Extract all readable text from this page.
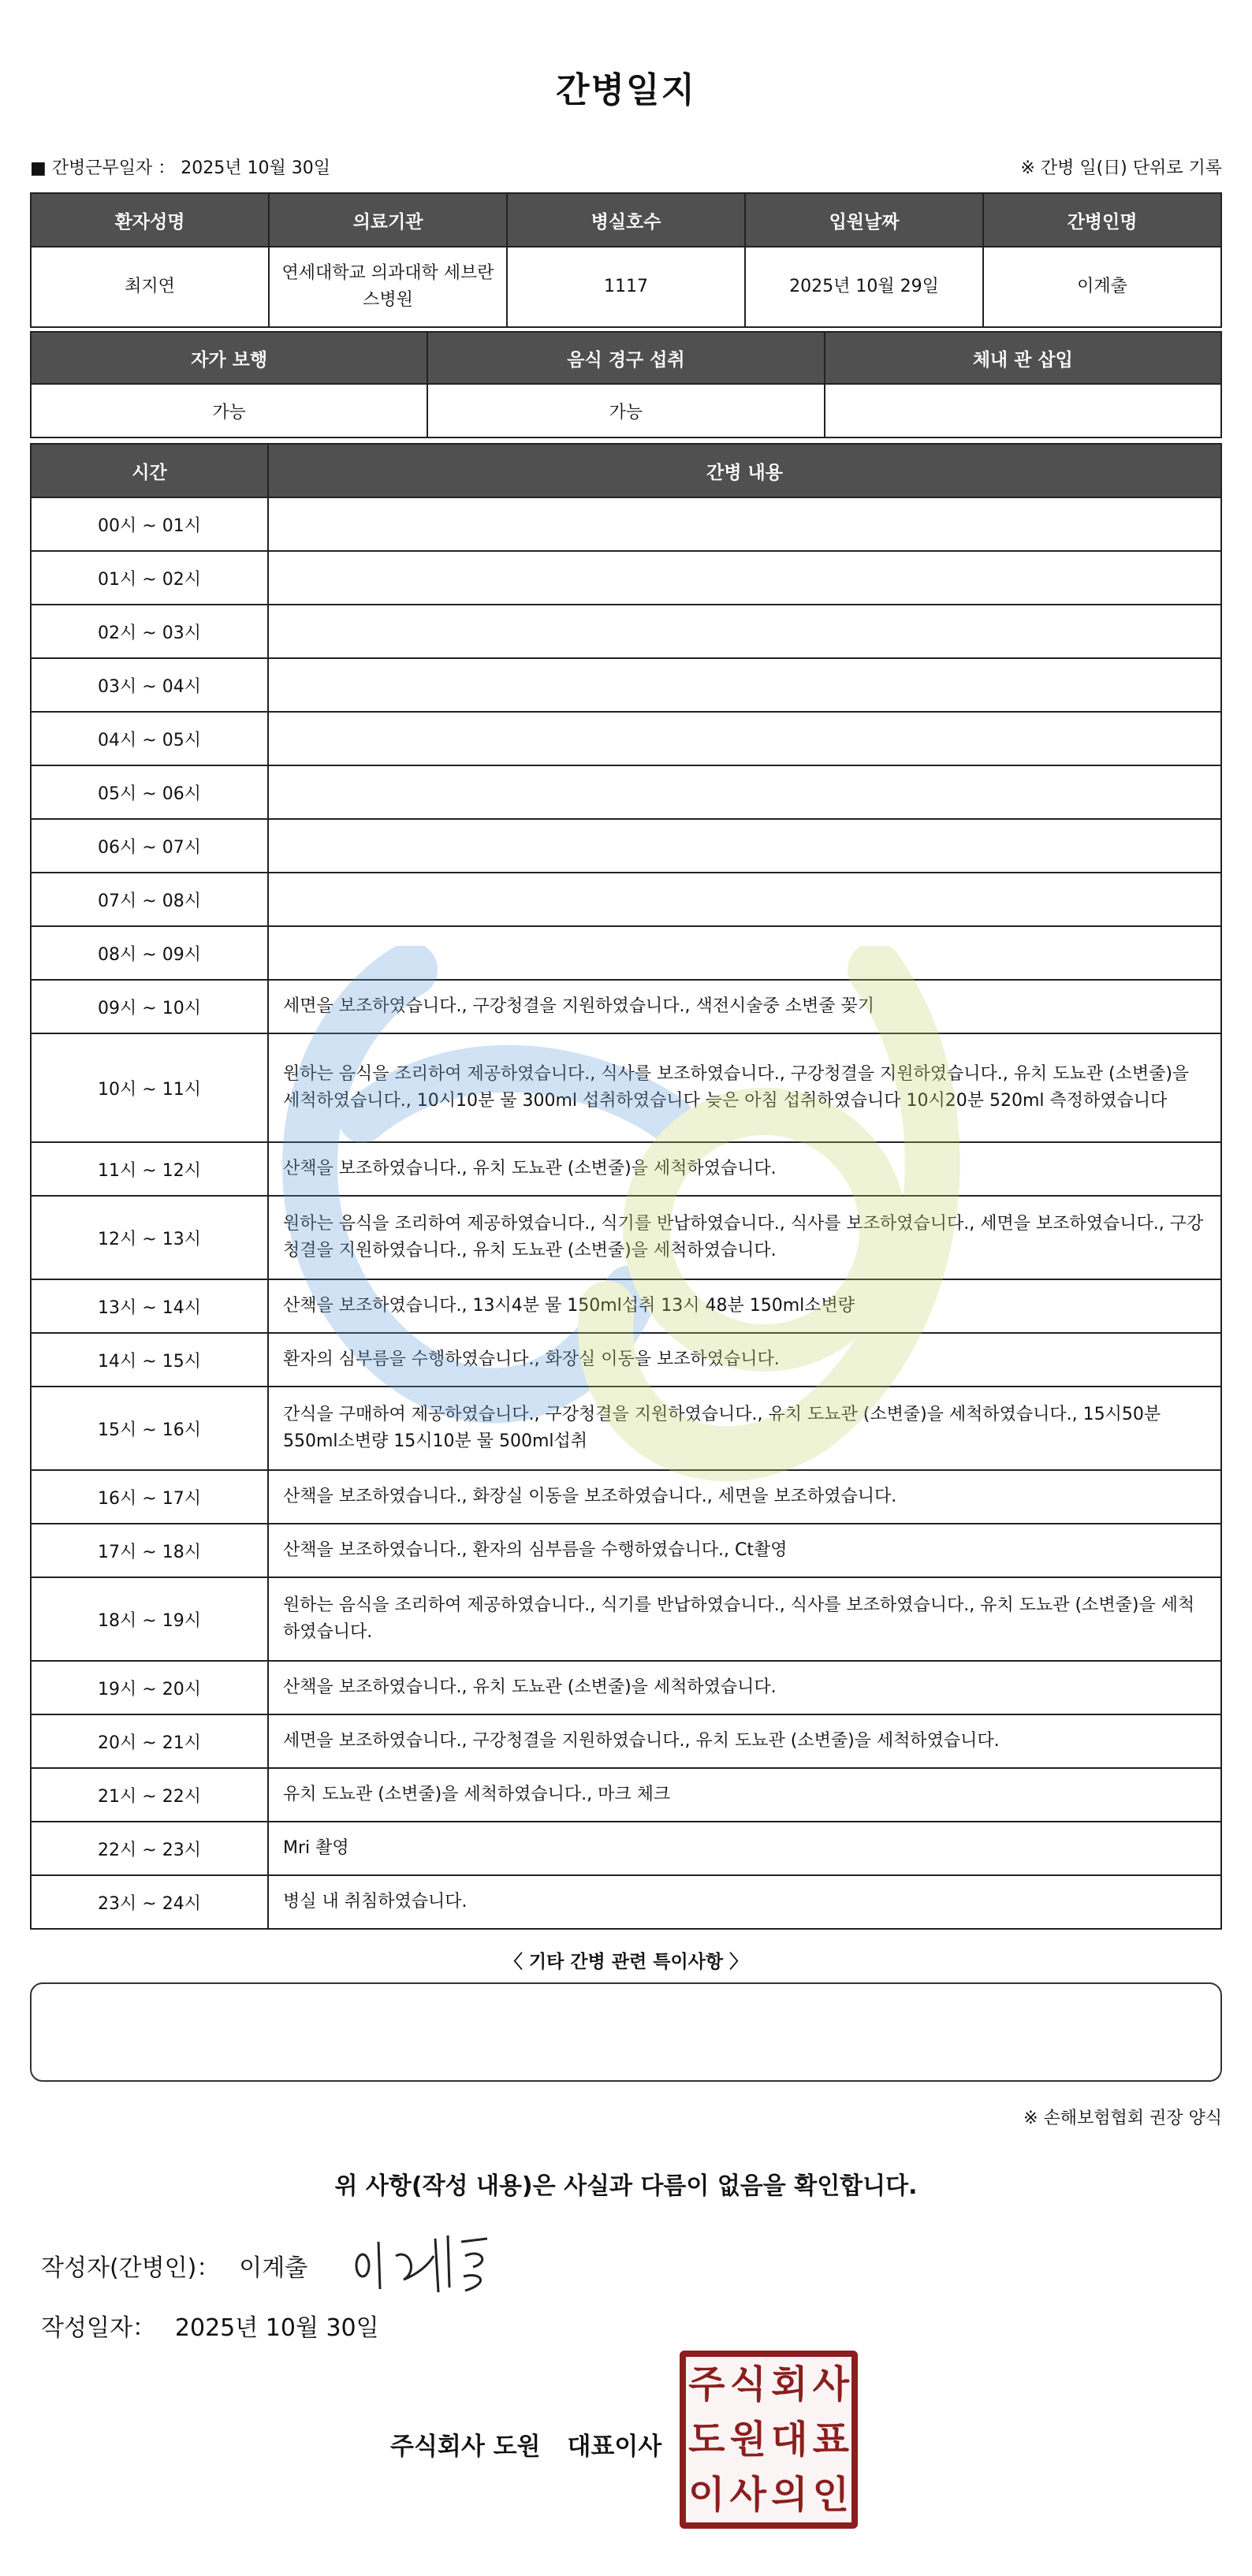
간병일지
■ 간병근무일자 ： 2025년 10월 30일	※ 간병 일(日) 단위로 기록
환자성명	의료기관	병실호수	입원날짜	간병인명
최지연	연세대학교 의과대학 세브란스병원	1117	2025년 10월 29일	이계출
자가 보행	음식 경구 섭취	체내 관 삽입
가능	가능	
시간	간병 내용
00시 ~ 01시	
01시 ~ 02시	
02시 ~ 03시	
03시 ~ 04시	
04시 ~ 05시	
05시 ~ 06시	
06시 ~ 07시	
07시 ~ 08시	
08시 ~ 09시	
09시 ~ 10시	세면을 보조하였습니다., 구강청결을 지원하였습니다., 색전시술중 소변줄 꽂기
10시 ~ 11시	원하는 음식을 조리하여 제공하였습니다., 식사를 보조하였습니다., 구강청결을 지원하였습니다., 유치 도뇨관 (소변줄)을 세척하였습니다., 10시10분 물 300ml 섭취하였습니다 늦은 아침 섭취하였습니다 10시20분 520ml 측정하였습니다
11시 ~ 12시	산책을 보조하였습니다., 유치 도뇨관 (소변줄)을 세척하였습니다.
12시 ~ 13시	원하는 음식을 조리하여 제공하였습니다., 식기를 반납하였습니다., 식사를 보조하였습니다., 세면을 보조하였습니다., 구강청결을 지원하였습니다., 유치 도뇨관 (소변줄)을 세척하였습니다.
13시 ~ 14시	산책을 보조하였습니다., 13시4분 물 150ml섭취 13시 48분 150ml소변량
14시 ~ 15시	환자의 심부름을 수행하였습니다., 화장실 이동을 보조하였습니다.
15시 ~ 16시	간식을 구매하여 제공하였습니다., 구강청결을 지원하였습니다., 유치 도뇨관 (소변줄)을 세척하였습니다., 15시50분 550ml소변량 15시10분 물 500ml섭취
16시 ~ 17시	산책을 보조하였습니다., 화장실 이동을 보조하였습니다., 세면을 보조하였습니다.
17시 ~ 18시	산책을 보조하였습니다., 환자의 심부름을 수행하였습니다., Ct촬영
18시 ~ 19시	원하는 음식을 조리하여 제공하였습니다., 식기를 반납하였습니다., 식사를 보조하였습니다., 유치 도뇨관 (소변줄)을 세척하였습니다.
19시 ~ 20시	산책을 보조하였습니다., 유치 도뇨관 (소변줄)을 세척하였습니다.
20시 ~ 21시	세면을 보조하였습니다., 구강청결을 지원하였습니다., 유치 도뇨관 (소변줄)을 세척하였습니다.
21시 ~ 22시	유치 도뇨관 (소변줄)을 세척하였습니다., 마크 체크
22시 ~ 23시	Mri 촬영
23시 ~ 24시	병실 내 취침하였습니다.
〈 기타 간병 관련 특이사항 〉
※ 손해보험협회 권장 양식
위 사항(작성 내용)은 사실과 다름이 없음을 확인합니다.
작성자(간병인)： 이계출
작성일자： 2025년 10월 30일
주식회사 도원 대표이사
주 식 회 사
도 원 대 표
이 사 의 인
